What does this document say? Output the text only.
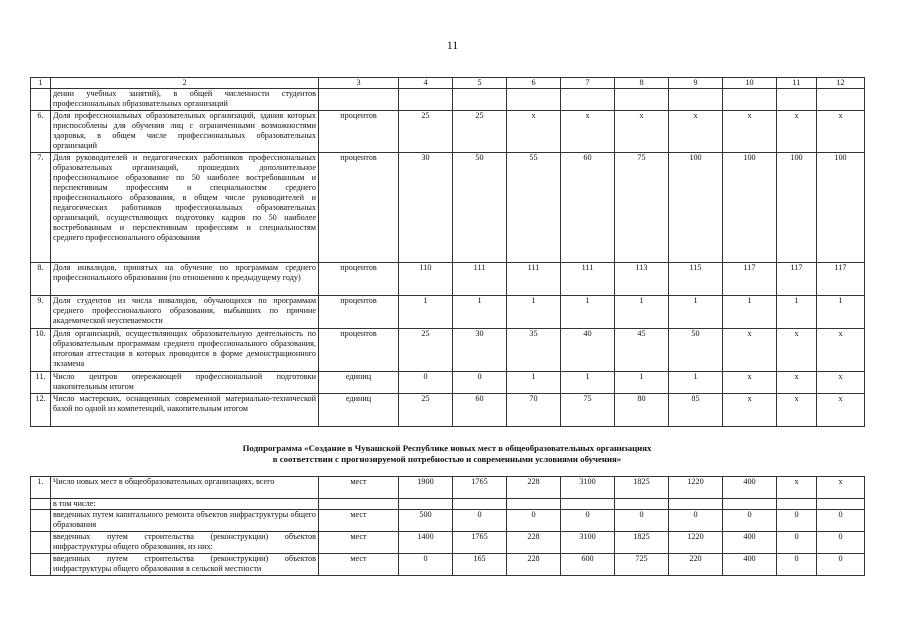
11
1	2	3	4	5	6	7	8	9	10	11	12
	дении учебных занятий), в общей численности студентов профессиональных образовательных организаций										
6.	Доля профессиональных образовательных организаций, здания которых приспособлены для обучения лиц с ограниченными возможностями здоровья, в общем числе профессиональных образовательных организаций	процентов	25	25	x	x	x	x	x	x	x
7.	Доля руководителей и педагогических работников профессиональных образовательных организаций, прошедших дополнительное профессиональное образование по 50 наиболее востребованным и перспективным профессиям и специальностям среднего профессионального образования, в общем числе руководителей и педагогических работников профессиональных образовательных организаций, осуществляющих подготовку кадров по 50 наиболее востребованным и перспективным профессиям и специальностям среднего профессионального образования	процентов	30	50	55	60	75	100	100	100	100
8.	Доля инвалидов, принятых на обучение по программам среднего профессионального образования (по отношению к предыдущему году)	процентов	110	111	111	111	113	115	117	117	117
9.	Доля студентов из числа инвалидов, обучающихся по программам среднего профессионального образования, выбывших по причине академической неуспеваемости	процентов	1	1	1	1	1	1	1	1	1
10.	Доля организаций, осуществляющих образовательную деятельность по образовательным программам среднего профессионального образования, итоговая аттестация в которых проводится в форме демонстрационного экзамена	процентов	25	30	35	40	45	50	x	x	x
11.	Число центров опережающей профессиональной подготовки накопительным итогом	единиц	0	0	1	1	1	1	x	x	x
12.	Число мастерских, оснащенных современной материально-технической базой по одной из компетенций, накопительным итогом	единиц	25	60	70	75	80	85	x	x	x
Подпрограмма «Создание в Чувашской Республике новых мест в общеобразовательных организациях
в соответствии с прогнозируемой потребностью и современными условиями обучения»
1.	Число новых мест в общеобразовательных организациях, всего	мест	1900	1765	228	3100	1825	1220	400	x	x
	в том числе:										
	введенных путем капитального ремонта объектов инфраструктуры общего образования	мест	500	0	0	0	0	0	0	0	0
	введенных путем строительства (реконструкции) объектов инфраструктуры общего образования, из них:	мест	1400	1765	228	3100	1825	1220	400	0	0
	введенных путем строительства (реконструкции) объектов инфраструктуры общего образования в сельской местности	мест	0	165	228	600	725	220	400	0	0
